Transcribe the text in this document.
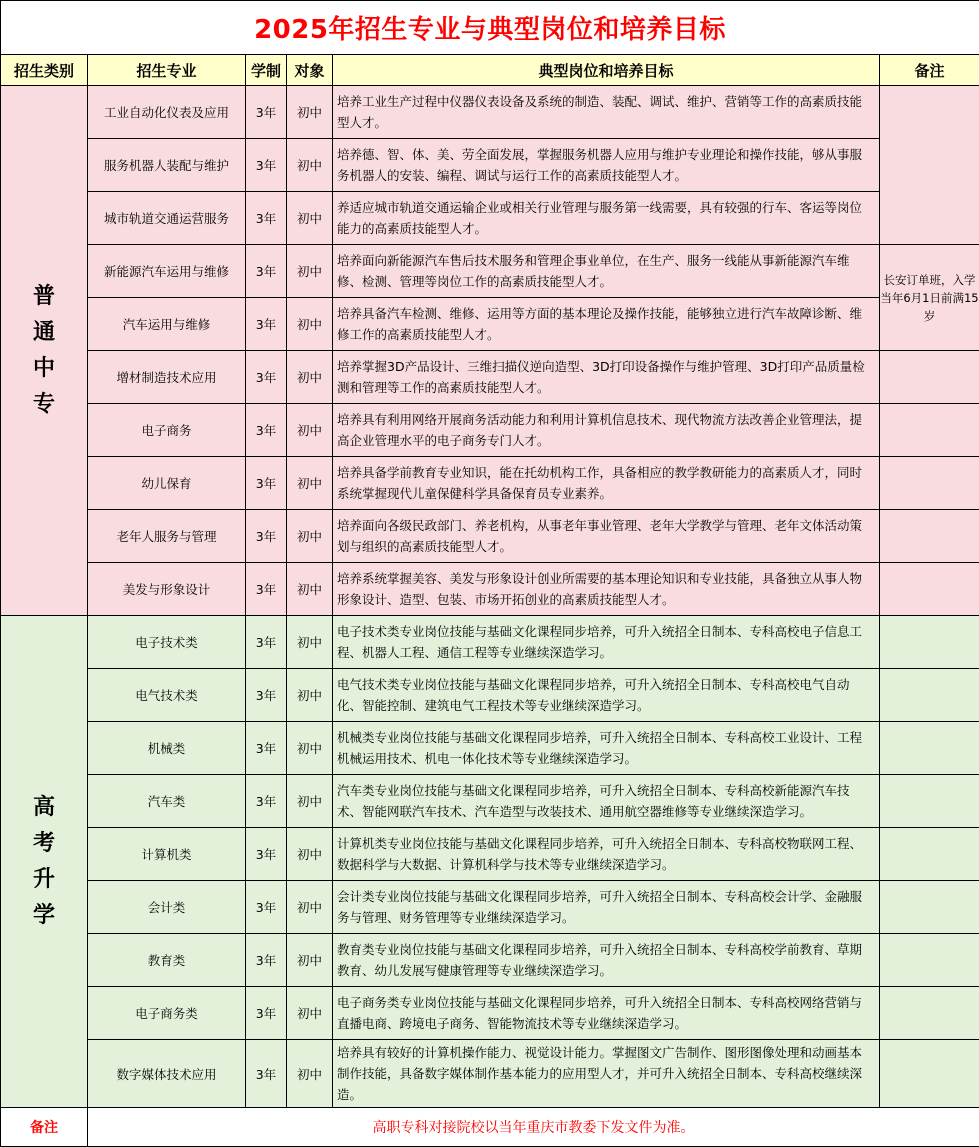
2025年招生专业与典型岗位和培养目标					
招生类别	招生专业	学制	对象	典型岗位和培养目标	备注
普通中专	工业自动化仪表及应用	3年	初中	培养工业生产过程中仪器仪表设备及系统的制造、装配、调试、维护、营销等工作的高素质技能型人才。	
	服务机器人装配与维护	3年	初中	培养德、智、体、美、劳全面发展，掌握服务机器人应用与维护专业理论和操作技能，够从事服务机器人的安装、编程、调试与运行工作的高素质技能型人才。	
	城市轨道交通运营服务	3年	初中	养适应城市轨道交通运输企业或相关行业管理与服务第一线需要，具有较强的行车、客运等岗位能力的高素质技能型人才。	
	新能源汽车运用与维修	3年	初中	培养面向新能源汽车售后技术服务和管理企事业单位，在生产、服务一线能从事新能源汽车维修、检测、管理等岗位工作的高素质技能型人才。	长安订单班，入学当年6月1日前满15岁
	汽车运用与维修	3年	初中	培养具备汽车检测、维修、运用等方面的基本理论及操作技能，能够独立进行汽车故障诊断、维修工作的高素质技能型人才。	
	增材制造技术应用	3年	初中	培养掌握3D产品设计、三维扫描仪逆向造型、3D打印设备操作与维护管理、3D打印产品质量检测和管理等工作的高素质技能型人才。	
	电子商务	3年	初中	培养具有利用网络开展商务活动能力和利用计算机信息技术、现代物流方法改善企业管理法，提高企业管理水平的电子商务专门人才。	
	幼儿保育	3年	初中	培养具备学前教育专业知识，能在托幼机构工作，具备相应的教学教研能力的高素质人才，同时系统掌握现代儿童保健科学具备保育员专业素养。	
	老年人服务与管理	3年	初中	培养面向各级民政部门、养老机构，从事老年事业管理、老年大学教学与管理、老年文体活动策划与组织的高素质技能型人才。	
	美发与形象设计	3年	初中	培养系统掌握美容、美发与形象设计创业所需要的基本理论知识和专业技能，具备独立从事人物形象设计、造型、包装、市场开拓创业的高素质技能型人才。	
高考升学	电子技术类	3年	初中	电子技术类专业岗位技能与基础文化课程同步培养，可升入统招全日制本、专科高校电子信息工程、机器人工程、通信工程等专业继续深造学习。	
	电气技术类	3年	初中	电气技术类专业岗位技能与基础文化课程同步培养，可升入统招全日制本、专科高校电气自动化、智能控制、建筑电气工程技术等专业继续深造学习。	
	机械类	3年	初中	机械类专业岗位技能与基础文化课程同步培养，可升入统招全日制本、专科高校工业设计、工程机械运用技术、机电一体化技术等专业继续深造学习。	
	汽车类	3年	初中	汽车类专业岗位技能与基础文化课程同步培养，可升入统招全日制本、专科高校新能源汽车技术、智能网联汽车技术、汽车造型与改装技术、通用航空器维修等专业继续深造学习。	
	计算机类	3年	初中	计算机类专业岗位技能与基础文化课程同步培养，可升入统招全日制本、专科高校物联网工程、数据科学与大数据、计算机科学与技术等专业继续深造学习。	
	会计类	3年	初中	会计类专业岗位技能与基础文化课程同步培养，可升入统招全日制本、专科高校会计学、金融服务与管理、财务管理等专业继续深造学习。	
	教育类	3年	初中	教育类专业岗位技能与基础文化课程同步培养，可升入统招全日制本、专科高校学前教育、草期教育、幼儿发展写健康管理等专业继续深造学习。	
	电子商务类	3年	初中	电子商务类专业岗位技能与基础文化课程同步培养，可升入统招全日制本、专科高校网络营销与直播电商、跨境电子商务、智能物流技术等专业继续深造学习。	
	数字媒体技术应用	3年	初中	培养具有较好的计算机操作能力、视觉设计能力。掌握图文广告制作、图形图像处理和动画基本制作技能，具备数字媒体制作基本能力的应用型人才，并可升入统招全日制本、专科高校继续深造。	
备注	高职专科对接院校以当年重庆市教委下发文件为准。				
